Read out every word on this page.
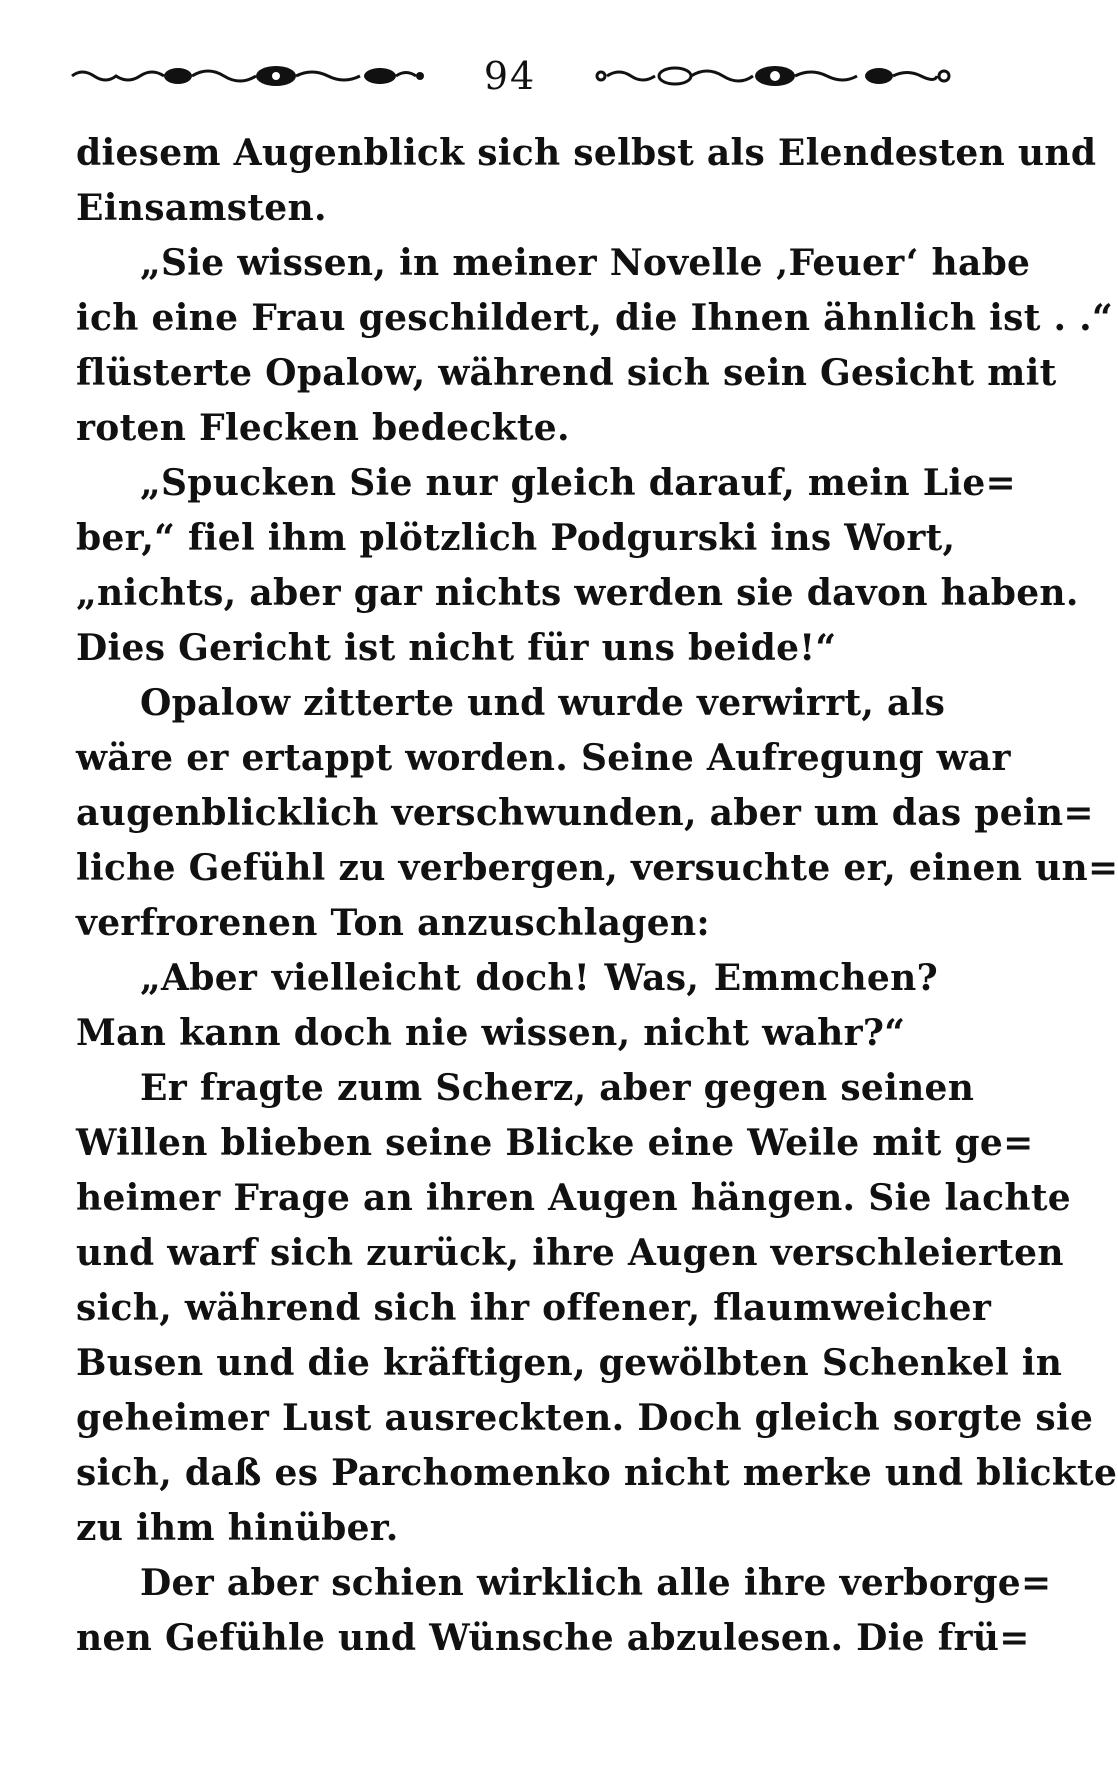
94
diesem Augenblick sich selbst als Elendesten und
Einsamsten.
„Sie wissen, in meiner Novelle ‚Feuer‘ habe
ich eine Frau geschildert, die Ihnen ähnlich ist . .“
flüsterte Opalow, während sich sein Gesicht mit
roten Flecken bedeckte.
„Spucken Sie nur gleich darauf, mein Lie=
ber,“ fiel ihm plötzlich Podgurski ins Wort,
„nichts, aber gar nichts werden sie davon haben.
Dies Gericht ist nicht für uns beide!“
Opalow zitterte und wurde verwirrt, als
wäre er ertappt worden. Seine Aufregung war
augenblicklich verschwunden, aber um das pein=
liche Gefühl zu verbergen, versuchte er, einen un=
verfrorenen Ton anzuschlagen:
„Aber vielleicht doch! Was, Emmchen?
Man kann doch nie wissen, nicht wahr?“
Er fragte zum Scherz, aber gegen seinen
Willen blieben seine Blicke eine Weile mit ge=
heimer Frage an ihren Augen hängen. Sie lachte
und warf sich zurück, ihre Augen verschleierten
sich, während sich ihr offener, flaumweicher
Busen und die kräftigen, gewölbten Schenkel in
geheimer Lust ausreckten. Doch gleich sorgte sie
sich, daß es Parchomenko nicht merke und blickte
zu ihm hinüber.
Der aber schien wirklich alle ihre verborge=
nen Gefühle und Wünsche abzulesen. Die frü=
